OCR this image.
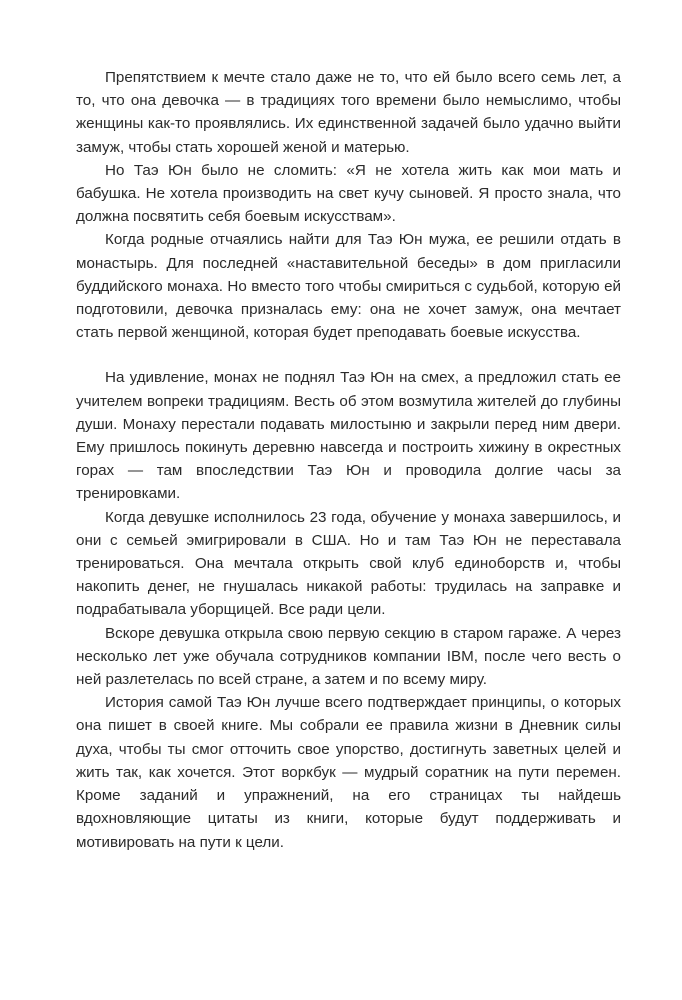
Препятствием к мечте стало даже не то, что ей было всего семь лет, а то, что она девочка — в традициях того времени было немыслимо, чтобы женщины как-то проявлялись. Их единственной задачей было удачно выйти замуж, чтобы стать хорошей женой и матерью.

Но Таэ Юн было не сломить: «Я не хотела жить как мои мать и бабушка. Не хотела производить на свет кучу сыновей. Я просто знала, что должна посвятить себя боевым искусствам».

Когда родные отчаялись найти для Таэ Юн мужа, ее решили отдать в монастырь. Для последней «наставительной беседы» в дом пригласили буддийского монаха. Но вместо того чтобы смириться с судьбой, которую ей подготовили, девочка призналась ему: она не хочет замуж, она мечтает стать первой женщиной, которая будет преподавать боевые искусства.

На удивление, монах не поднял Таэ Юн на смех, а предложил стать ее учителем вопреки традициям. Весть об этом возмутила жителей до глубины души. Монаху перестали подавать милостыню и закрыли перед ним двери. Ему пришлось покинуть деревню навсегда и построить хижину в окрестных горах — там впоследствии Таэ Юн и проводила долгие часы за тренировками.

Когда девушке исполнилось 23 года, обучение у монаха завершилось, и они с семьей эмигрировали в США. Но и там Таэ Юн не переставала тренироваться. Она мечтала открыть свой клуб единоборств и, чтобы накопить денег, не гнушалась никакой работы: трудилась на заправке и подрабатывала уборщицей. Все ради цели.

Вскоре девушка открыла свою первую секцию в старом гараже. А через несколько лет уже обучала сотрудников компании IBM, после чего весть о ней разлетелась по всей стране, а затем и по всему миру.

История самой Таэ Юн лучше всего подтверждает принципы, о которых она пишет в своей книге. Мы собрали ее правила жизни в Дневник силы духа, чтобы ты смог отточить свое упорство, достигнуть заветных целей и жить так, как хочется. Этот воркбук — мудрый соратник на пути перемен. Кроме заданий и упражнений, на его страницах ты найдешь вдохновляющие цитаты из книги, которые будут поддерживать и мотивировать на пути к цели.
